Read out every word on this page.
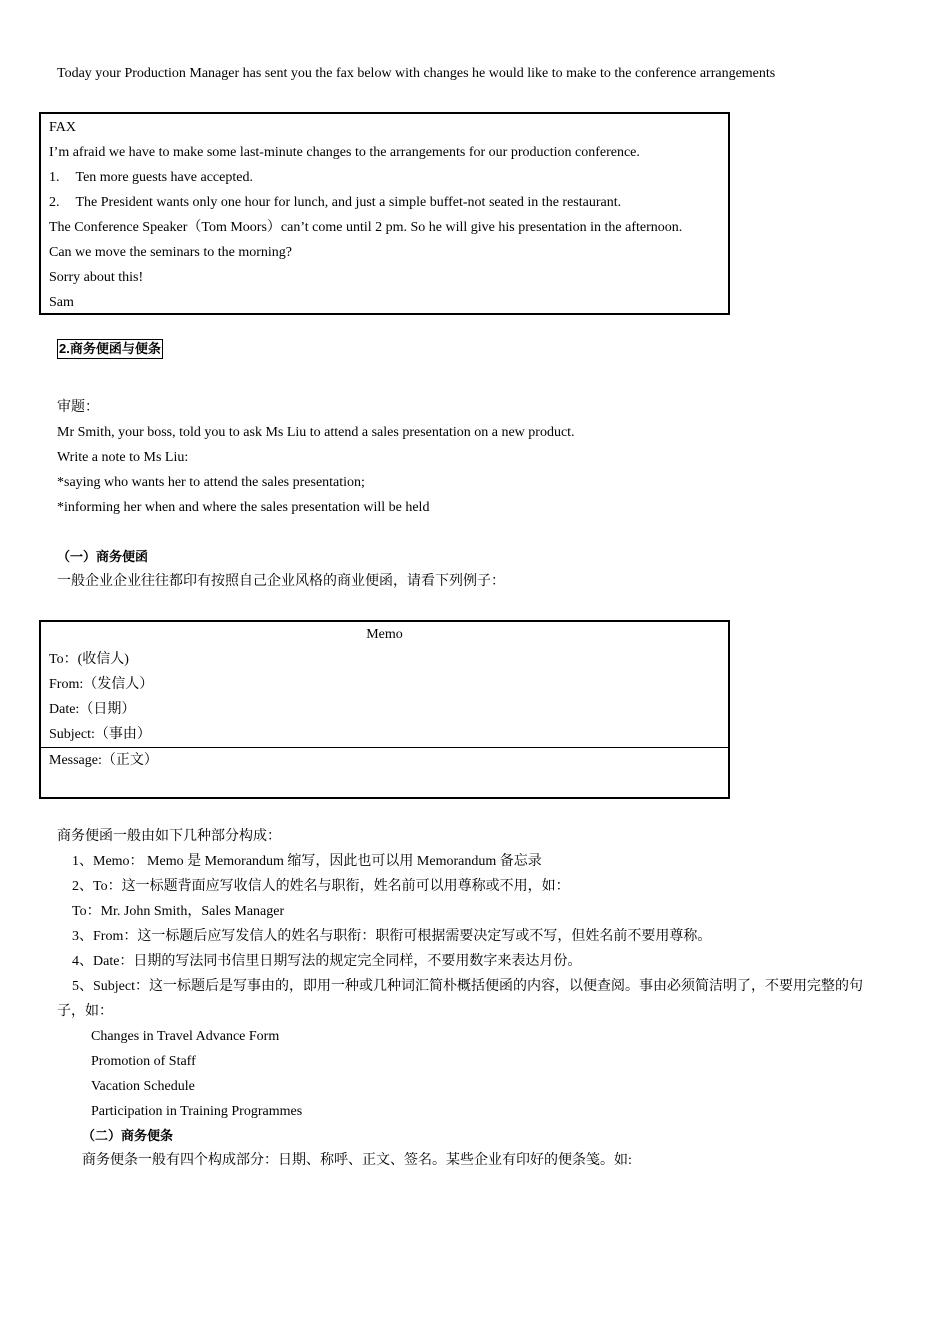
Today your Production Manager has sent you the fax below with changes he would like to make to the conference arrangements
FAX
I’m afraid we have to make some last-minute changes to the arrangements for our production conference.
1. Ten more guests have accepted.
2. The President wants only one hour for lunch, and just a simple buffet-not seated in the restaurant.
The Conference Speaker（Tom Moors）can’t come until 2 pm. So he will give his presentation in the afternoon.
Can we move the seminars to the morning?
Sorry about this!
Sam
2.商务便函与便条
审题：
Mr Smith, your boss, told you to ask Ms Liu to attend a sales presentation on a new product.
Write a note to Ms Liu:
*saying who wants her to attend the sales presentation;
*informing her when and where the sales presentation will be held
（一）商务便函
一般企业企业往往都印有按照自己企业风格的商业便函，请看下列例子：
Memo
To：(收信人)
From:（发信人）
Date:（日期）
Subject:（事由）
Message:（正文）
商务便函一般由如下几种部分构成：
1、Memo： Memo 是 Memorandum 缩写，因此也可以用 Memorandum 备忘录
2、To：这一标题背面应写收信人的姓名与职衔，姓名前可以用尊称或不用，如：
To：Mr. John Smith，Sales Manager
3、From：这一标题后应写发信人的姓名与职衔：职衔可根据需要决定写或不写，但姓名前不要用尊称。
4、Date：日期的写法同书信里日期写法的规定完全同样，不要用数字来表达月份。
5、Subject：这一标题后是写事由的，即用一种或几种词汇简朴概括便函的内容，以便查阅。事由必须简洁明了，不要用完整的句
子，如：
Changes in Travel Advance Form
Promotion of Staff
Vacation Schedule
Participation in Training Programmes
（二）商务便条
商务便条一般有四个构成部分：日期、称呼、正文、签名。某些企业有印好的便条笺。如:
